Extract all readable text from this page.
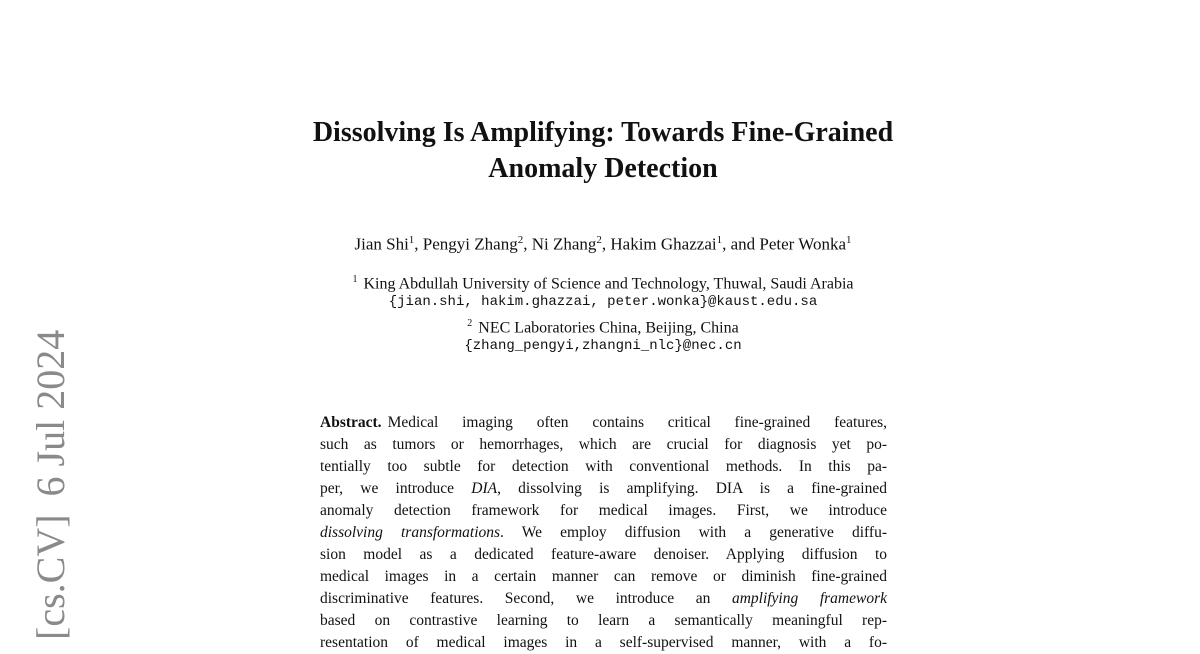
[cs.CV]6 Jul 2024
Dissolving Is Amplifying: Towards Fine-Grained
Anomaly Detection
Jian Shi$^1$, Pengyi Zhang$^2$, Ni Zhang$^2$, Hakim Ghazzai$^1$, and Peter Wonka$^1$
$^1$ King Abdullah University of Science and Technology, Thuwal, Saudi Arabia
{jian.shi, hakim.ghazzai, peter.wonka}@kaust.edu.sa
$^2$ NEC Laboratories China, Beijing, China
{zhang_pengyi,zhangni_nlc}@nec.cn
Abstract. Medical imaging often contains critical fine-grained features,
such as tumors or hemorrhages, which are crucial for diagnosis yet po-
tentially too subtle for detection with conventional methods. In this pa-
per, we introduce DIA, dissolving is amplifying. DIA is a fine-grained
anomaly detection framework for medical images. First, we introduce
dissolving transformations. We employ diffusion with a generative diffu-
sion model as a dedicated feature-aware denoiser. Applying diffusion to
medical images in a certain manner can remove or diminish fine-grained
discriminative features. Second, we introduce an amplifying framework
based on contrastive learning to learn a semantically meaningful rep-
resentation of medical images in a self-supervised manner, with a fo-
